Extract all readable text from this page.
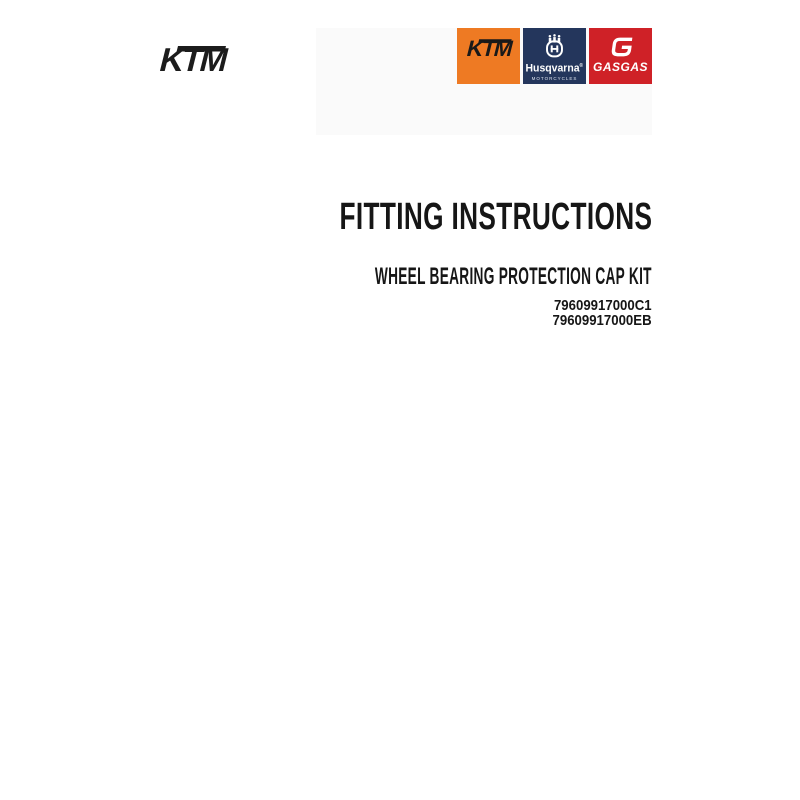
KTM	KTM
Husqvarna®
MOTORCYCLES
GASGAS
FITTING INSTRUCTIONS
WHEEL BEARING PROTECTION CAP KIT
79609917000C1
79609917000EB
